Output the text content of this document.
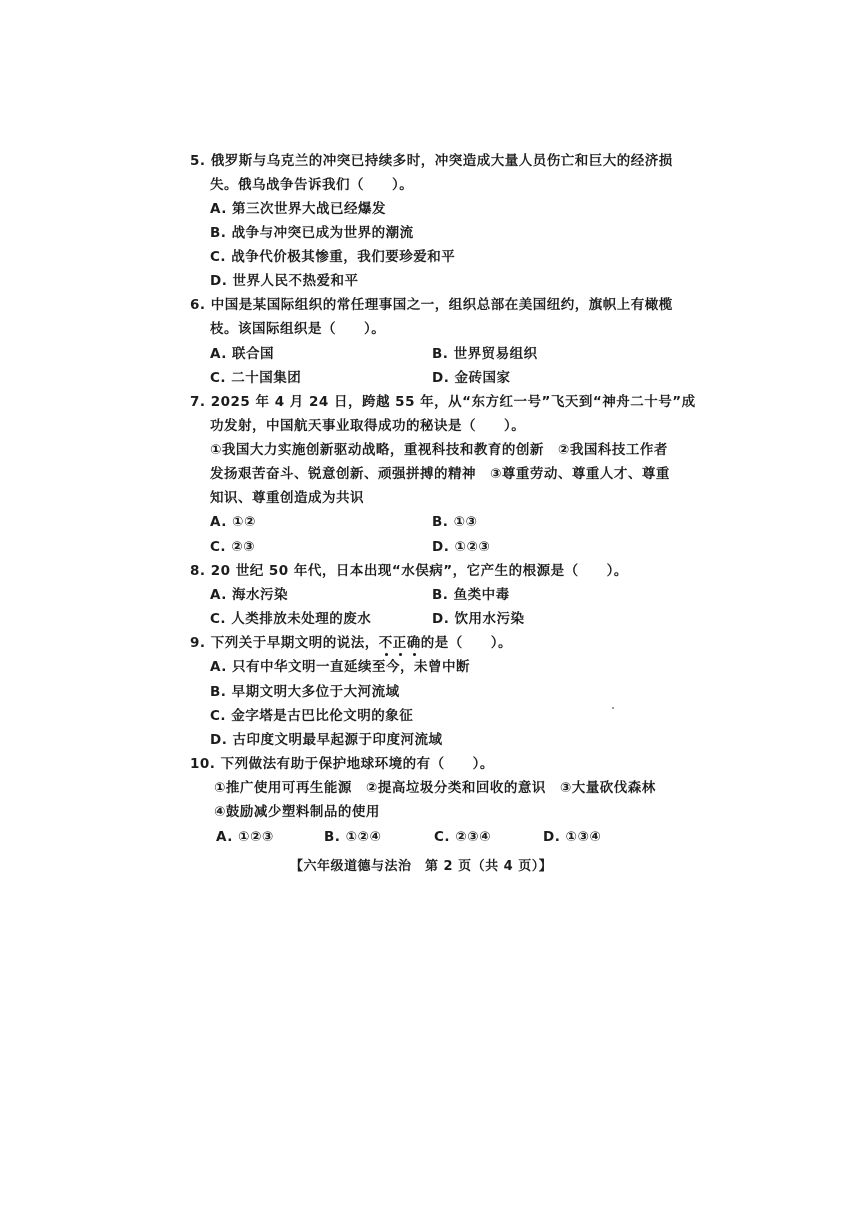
5. 俄罗斯与乌克兰的冲突已持续多时，冲突造成大量人员伤亡和巨大的经济损
失。俄乌战争告诉我们（　　）。
A. 第三次世界大战已经爆发
B. 战争与冲突已成为世界的潮流
C. 战争代价极其惨重，我们要珍爱和平
D. 世界人民不热爱和平
6. 中国是某国际组织的常任理事国之一，组织总部在美国纽约，旗帜上有橄榄
枝。该国际组织是（　　）。
A. 联合国	B. 世界贸易组织
C. 二十国集团	D. 金砖国家
7. 2025 年 4 月 24 日，跨越 55 年，从“东方红一号”飞天到“神舟二十号”成
功发射，中国航天事业取得成功的秘诀是（　　）。
①我国大力实施创新驱动战略，重视科技和教育的创新　②我国科技工作者
发扬艰苦奋斗、锐意创新、顽强拼搏的精神　③尊重劳动、尊重人才、尊重
知识、尊重创造成为共识
A. ①②	B. ①③
C. ②③	D. ①②③
8. 20 世纪 50 年代，日本出现“水俣病”，它产生的根源是（　　）。
A. 海水污染	B. 鱼类中毒
C. 人类排放未处理的废水	D. 饮用水污染
9. 下列关于早期文明的说法，不正确
的是（　　）。
A. 只有中华文明一直延续至今，未曾中断
B. 早期文明大多位于大河流域
C. 金字塔是古巴比伦文明的象征
D. 古印度文明最早起源于印度河流域
10. 下列做法有助于保护地球环境的有（　　）。
①推广使用可再生能源　②提高垃圾分类和回收的意识　③大量砍伐森林
④鼓励减少塑料制品的使用
A. ①②③	B. ①②④	C. ②③④	D. ①③④
【六年级道德与法治　第 2 页（共 4 页）】
